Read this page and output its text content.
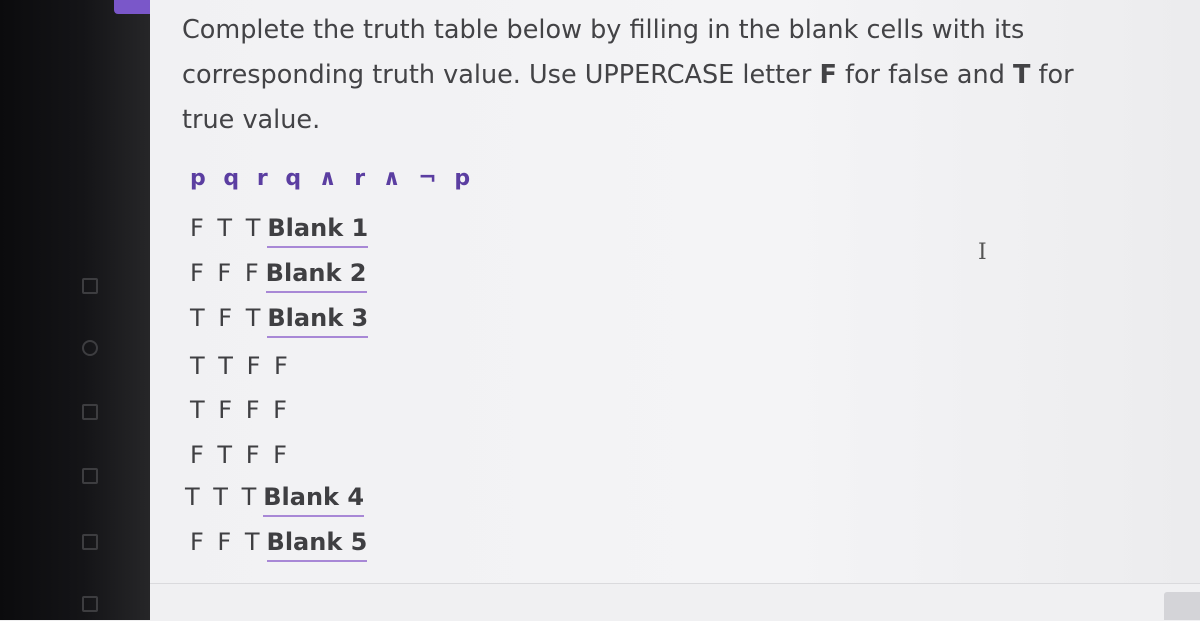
Complete the truth table below by filling in the blank cells with its
corresponding truth value. Use UPPERCASE letter F for false and T for
true value.
p q r q ∧ r ∧ ¬ p
F T T Blank 1
F F F Blank 2
T F T Blank 3
T T F F
T F F F
F T F F
T T T Blank 4
F F T Blank 5
I
